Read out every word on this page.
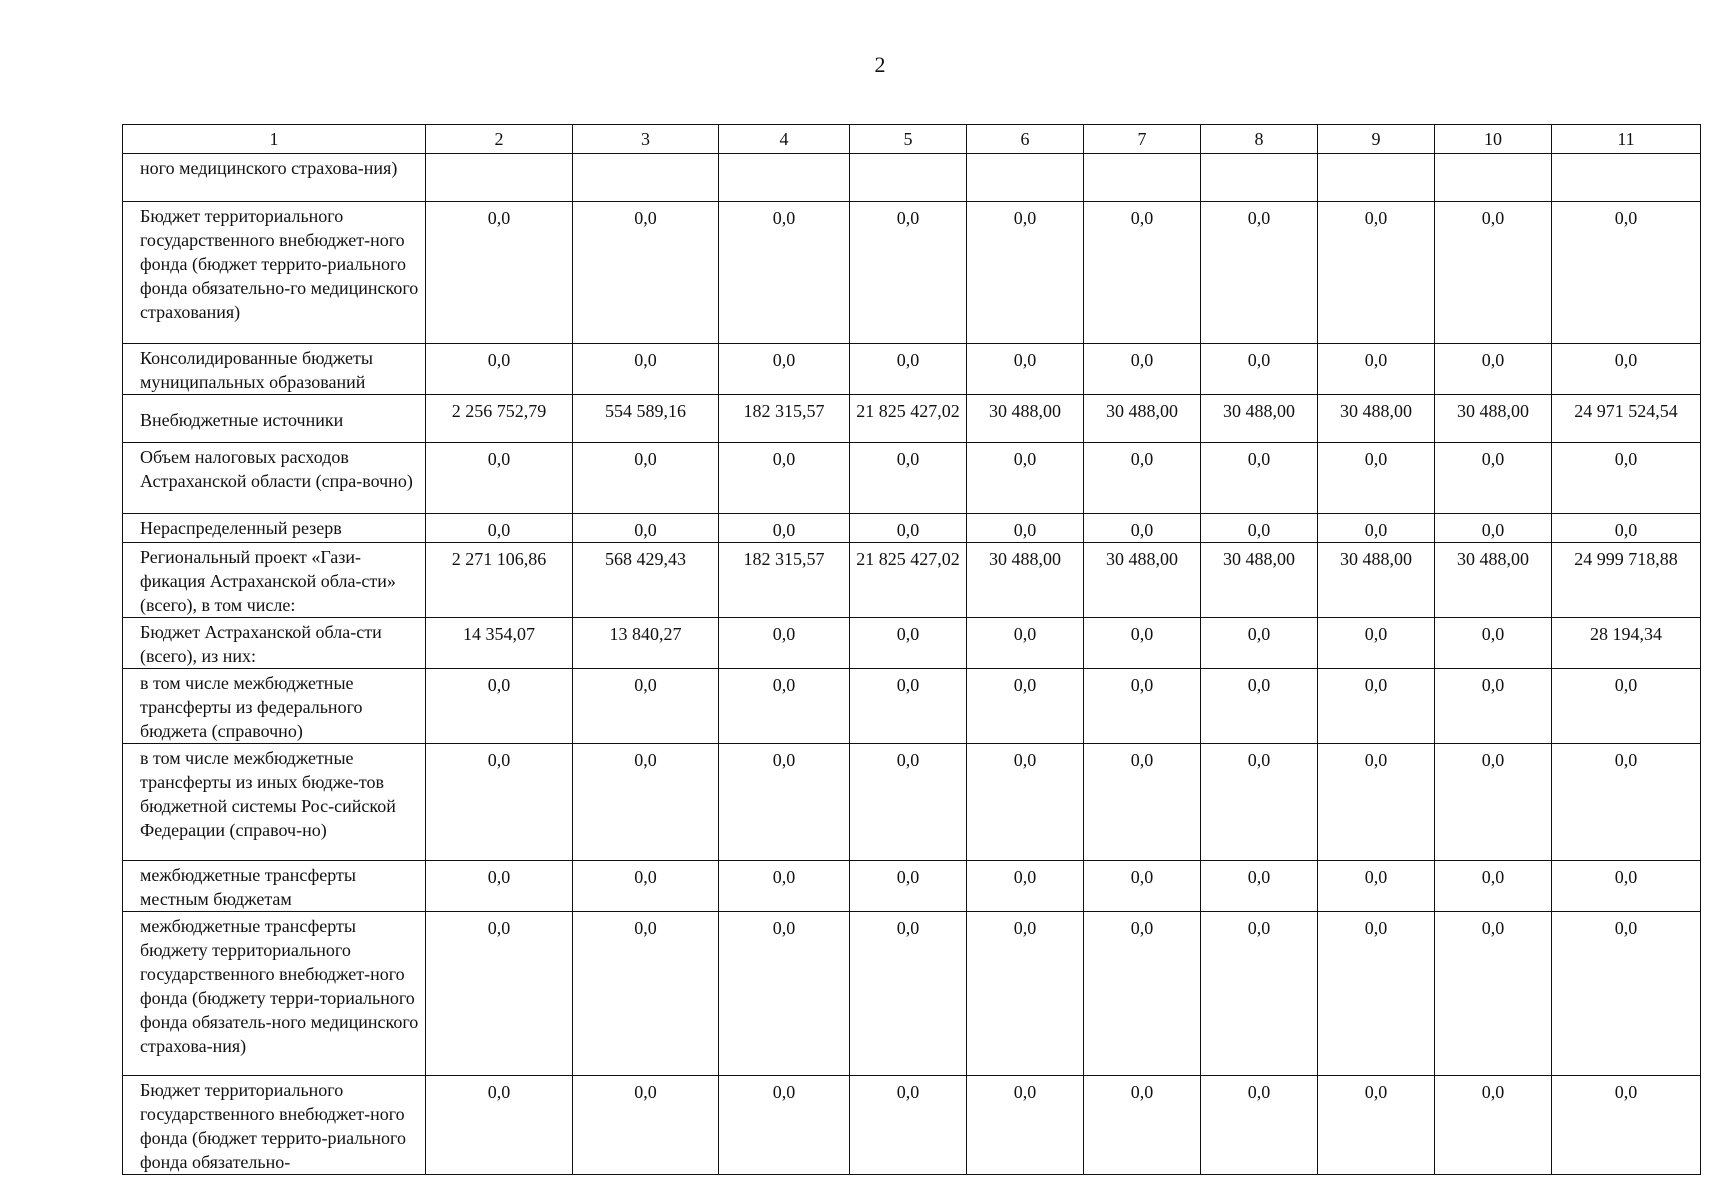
2
1	2	3	4	5	6	7	8	9	10	11
ного медицинского страхова-ния)										
Бюджет территориального государственного внебюджет-ного фонда (бюджет террито-риального фонда обязательно-го медицинского страхования)	0,0	0,0	0,0	0,0	0,0	0,0	0,0	0,0	0,0	0,0
Консолидированные бюджеты муниципальных образований	0,0	0,0	0,0	0,0	0,0	0,0	0,0	0,0	0,0	0,0
Внебюджетные источники	2 256 752,79	554 589,16	182 315,57	21 825 427,02	30 488,00	30 488,00	30 488,00	30 488,00	30 488,00	24 971 524,54
Объем налоговых расходов Астраханской области (спра-вочно)	0,0	0,0	0,0	0,0	0,0	0,0	0,0	0,0	0,0	0,0
Нераспределенный резерв	0,0	0,0	0,0	0,0	0,0	0,0	0,0	0,0	0,0	0,0
Региональный проект «Гази-фикация Астраханской обла-сти» (всего), в том числе:	2 271 106,86	568 429,43	182 315,57	21 825 427,02	30 488,00	30 488,00	30 488,00	30 488,00	30 488,00	24 999 718,88
Бюджет Астраханской обла-сти (всего), из них:	14 354,07	13 840,27	0,0	0,0	0,0	0,0	0,0	0,0	0,0	28 194,34
в том числе межбюджетные трансферты из федерального бюджета (справочно)	0,0	0,0	0,0	0,0	0,0	0,0	0,0	0,0	0,0	0,0
в том числе межбюджетные трансферты из иных бюдже-тов бюджетной системы Рос-сийской Федерации (справоч-но)	0,0	0,0	0,0	0,0	0,0	0,0	0,0	0,0	0,0	0,0
межбюджетные трансферты местным бюджетам	0,0	0,0	0,0	0,0	0,0	0,0	0,0	0,0	0,0	0,0
межбюджетные трансферты бюджету территориального государственного внебюджет-ного фонда (бюджету терри-ториального фонда обязатель-ного медицинского страхова-ния)	0,0	0,0	0,0	0,0	0,0	0,0	0,0	0,0	0,0	0,0
Бюджет территориального государственного внебюджет-ного фонда (бюджет террито-риального фонда обязательно-	0,0	0,0	0,0	0,0	0,0	0,0	0,0	0,0	0,0	0,0
